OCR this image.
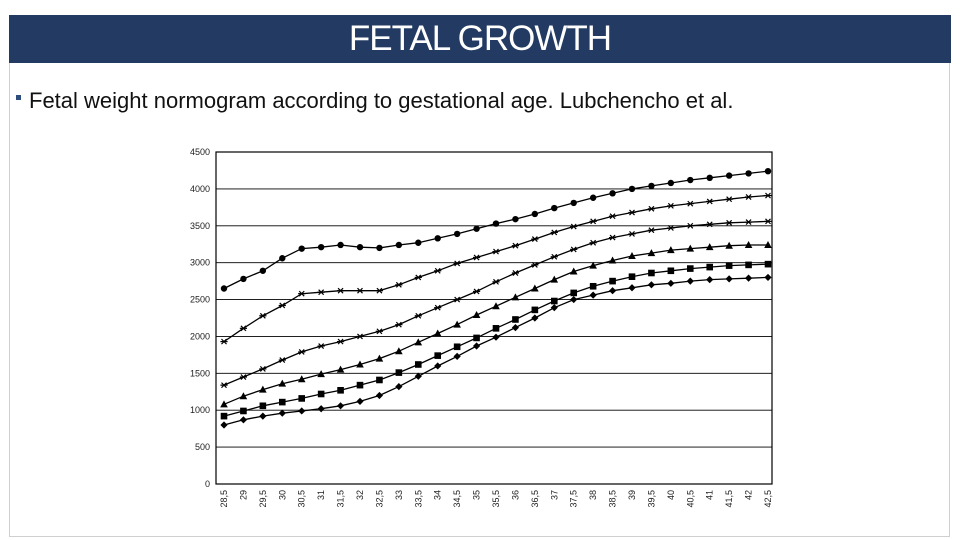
FETAL GROWTH
Fetal weight normogram according to gestational age. Lubchencho et al.
0
500
1000
1500
2000
2500
3000
3500
4000
4500
28,5 29 29,5 30 30,5 31 31,5 32 32,5 33 33,5 34 34,5 35 35,5 36 36,5 37 37,5 38 38,5 39 39,5 40 40,5 41 41,5 42 42,5
